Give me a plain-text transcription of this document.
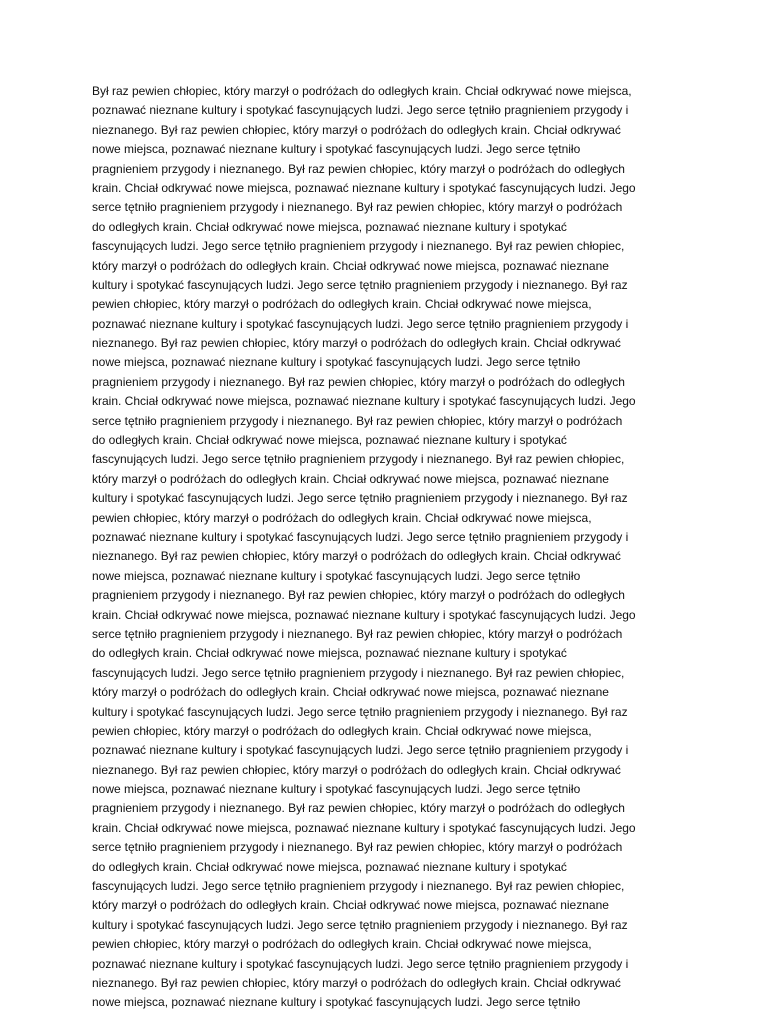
Był raz pewien chłopiec, który marzył o podróżach do odległych krain. Chciał odkrywać nowe miejsca,
poznawać nieznane kultury i spotykać fascynujących ludzi. Jego serce tętniło pragnieniem przygody i
nieznanego. Był raz pewien chłopiec, który marzył o podróżach do odległych krain. Chciał odkrywać
nowe miejsca, poznawać nieznane kultury i spotykać fascynujących ludzi. Jego serce tętniło
pragnieniem przygody i nieznanego. Był raz pewien chłopiec, który marzył o podróżach do odległych
krain. Chciał odkrywać nowe miejsca, poznawać nieznane kultury i spotykać fascynujących ludzi. Jego
serce tętniło pragnieniem przygody i nieznanego. Był raz pewien chłopiec, który marzył o podróżach
do odległych krain. Chciał odkrywać nowe miejsca, poznawać nieznane kultury i spotykać
fascynujących ludzi. Jego serce tętniło pragnieniem przygody i nieznanego. Był raz pewien chłopiec,
który marzył o podróżach do odległych krain. Chciał odkrywać nowe miejsca, poznawać nieznane
kultury i spotykać fascynujących ludzi. Jego serce tętniło pragnieniem przygody i nieznanego. Był raz
pewien chłopiec, który marzył o podróżach do odległych krain. Chciał odkrywać nowe miejsca,
poznawać nieznane kultury i spotykać fascynujących ludzi. Jego serce tętniło pragnieniem przygody i
nieznanego. Był raz pewien chłopiec, który marzył o podróżach do odległych krain. Chciał odkrywać
nowe miejsca, poznawać nieznane kultury i spotykać fascynujących ludzi. Jego serce tętniło
pragnieniem przygody i nieznanego. Był raz pewien chłopiec, który marzył o podróżach do odległych
krain. Chciał odkrywać nowe miejsca, poznawać nieznane kultury i spotykać fascynujących ludzi. Jego
serce tętniło pragnieniem przygody i nieznanego. Był raz pewien chłopiec, który marzył o podróżach
do odległych krain. Chciał odkrywać nowe miejsca, poznawać nieznane kultury i spotykać
fascynujących ludzi. Jego serce tętniło pragnieniem przygody i nieznanego. Był raz pewien chłopiec,
który marzył o podróżach do odległych krain. Chciał odkrywać nowe miejsca, poznawać nieznane
kultury i spotykać fascynujących ludzi. Jego serce tętniło pragnieniem przygody i nieznanego. Był raz
pewien chłopiec, który marzył o podróżach do odległych krain. Chciał odkrywać nowe miejsca,
poznawać nieznane kultury i spotykać fascynujących ludzi. Jego serce tętniło pragnieniem przygody i
nieznanego. Był raz pewien chłopiec, który marzył o podróżach do odległych krain. Chciał odkrywać
nowe miejsca, poznawać nieznane kultury i spotykać fascynujących ludzi. Jego serce tętniło
pragnieniem przygody i nieznanego. Był raz pewien chłopiec, który marzył o podróżach do odległych
krain. Chciał odkrywać nowe miejsca, poznawać nieznane kultury i spotykać fascynujących ludzi. Jego
serce tętniło pragnieniem przygody i nieznanego. Był raz pewien chłopiec, który marzył o podróżach
do odległych krain. Chciał odkrywać nowe miejsca, poznawać nieznane kultury i spotykać
fascynujących ludzi. Jego serce tętniło pragnieniem przygody i nieznanego. Był raz pewien chłopiec,
który marzył o podróżach do odległych krain. Chciał odkrywać nowe miejsca, poznawać nieznane
kultury i spotykać fascynujących ludzi. Jego serce tętniło pragnieniem przygody i nieznanego. Był raz
pewien chłopiec, który marzył o podróżach do odległych krain. Chciał odkrywać nowe miejsca,
poznawać nieznane kultury i spotykać fascynujących ludzi. Jego serce tętniło pragnieniem przygody i
nieznanego. Był raz pewien chłopiec, który marzył o podróżach do odległych krain. Chciał odkrywać
nowe miejsca, poznawać nieznane kultury i spotykać fascynujących ludzi. Jego serce tętniło
pragnieniem przygody i nieznanego. Był raz pewien chłopiec, który marzył o podróżach do odległych
krain. Chciał odkrywać nowe miejsca, poznawać nieznane kultury i spotykać fascynujących ludzi. Jego
serce tętniło pragnieniem przygody i nieznanego. Był raz pewien chłopiec, który marzył o podróżach
do odległych krain. Chciał odkrywać nowe miejsca, poznawać nieznane kultury i spotykać
fascynujących ludzi. Jego serce tętniło pragnieniem przygody i nieznanego. Był raz pewien chłopiec,
który marzył o podróżach do odległych krain. Chciał odkrywać nowe miejsca, poznawać nieznane
kultury i spotykać fascynujących ludzi. Jego serce tętniło pragnieniem przygody i nieznanego. Był raz
pewien chłopiec, który marzył o podróżach do odległych krain. Chciał odkrywać nowe miejsca,
poznawać nieznane kultury i spotykać fascynujących ludzi. Jego serce tętniło pragnieniem przygody i
nieznanego. Był raz pewien chłopiec, który marzył o podróżach do odległych krain. Chciał odkrywać
nowe miejsca, poznawać nieznane kultury i spotykać fascynujących ludzi. Jego serce tętniło
